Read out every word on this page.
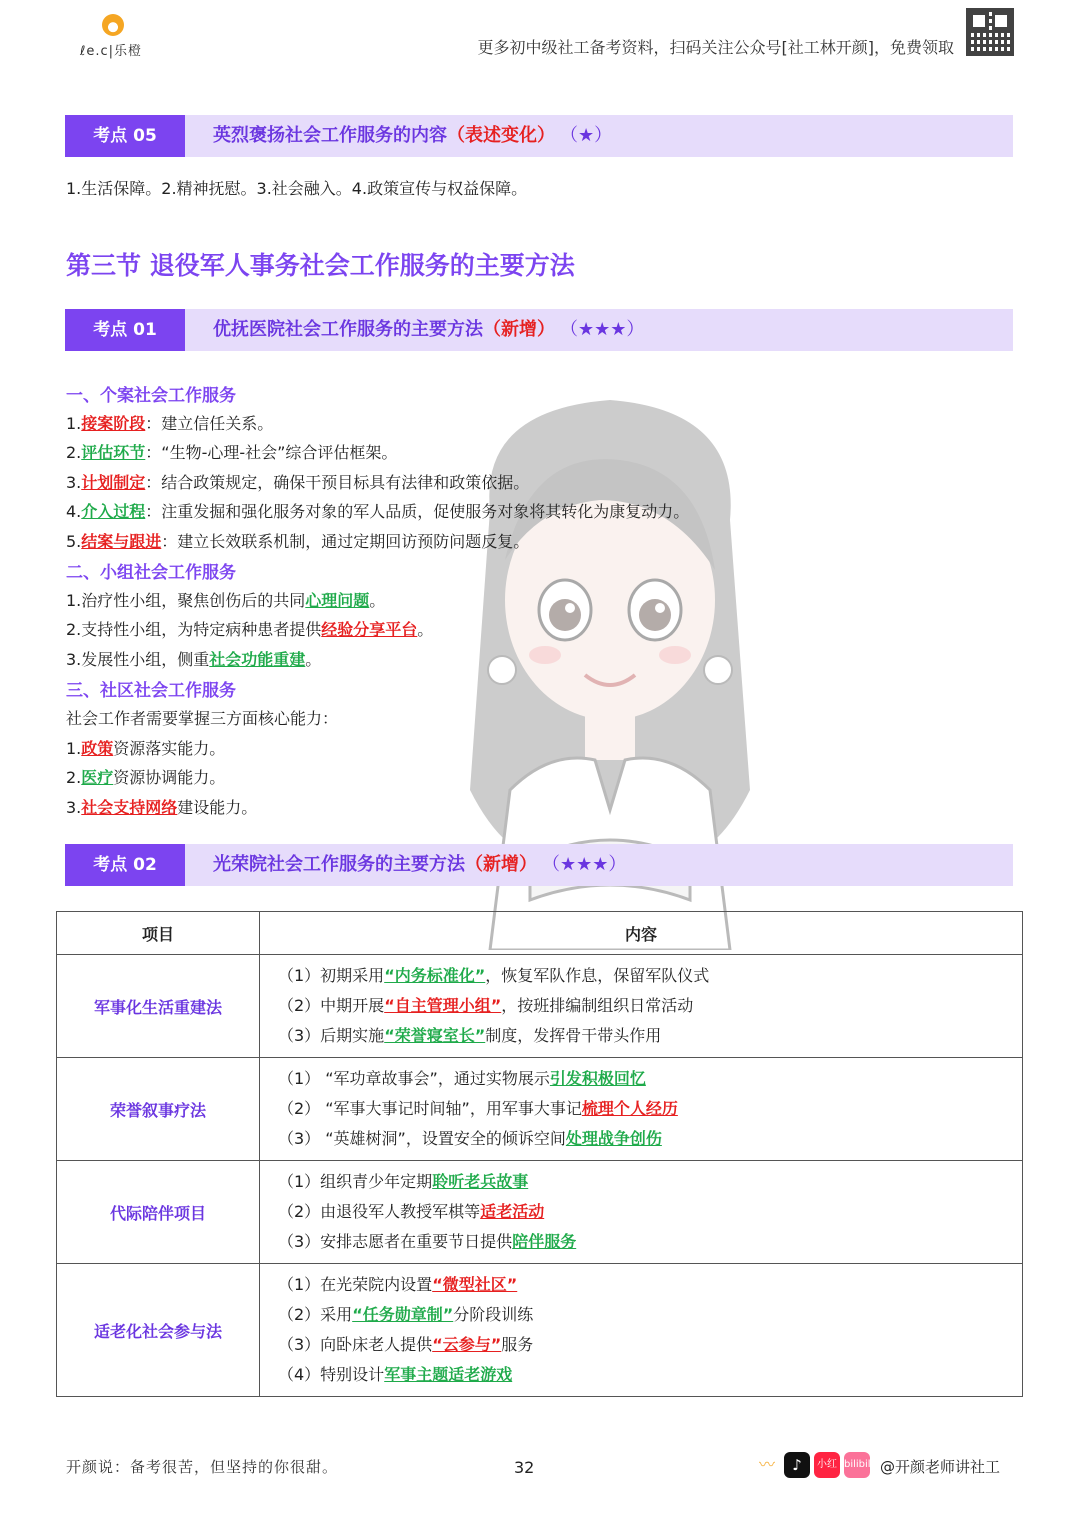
ℓe.c|乐橙	更多初中级社工备考资料，扫码关注公众号[社工林开颜]，免费领取
考点 05	英烈褒扬社会工作服务的内容（表述变化） （★）
1.生活保障。2.精神抚慰。3.社会融入。4.政策宣传与权益保障。
第三节 退役军人事务社会工作服务的主要方法
考点 01	优抚医院社会工作服务的主要方法（新增） （★★★）
一、个案社会工作服务
1.接案阶段：建立信任关系。
2.评估环节：“生物-心理-社会”综合评估框架。
3.计划制定：结合政策规定，确保干预目标具有法律和政策依据。
4.介入过程：注重发掘和强化服务对象的军人品质，促使服务对象将其转化为康复动力。
5.结案与跟进：建立长效联系机制，通过定期回访预防问题反复。
二、小组社会工作服务
1.治疗性小组，聚焦创伤后的共同心理问题。
2.支持性小组，为特定病种患者提供经验分享平台。
3.发展性小组，侧重社会功能重建。
三、社区社会工作服务
社会工作者需要掌握三方面核心能力：
1.政策资源落实能力。
2.医疗资源协调能力。
3.社会支持网络建设能力。
考点 02	光荣院社会工作服务的主要方法（新增） （★★★）
项目	内容
军事化生活重建法	（1）初期采用“内务标准化”，恢复军队作息，保留军队仪式
（2）中期开展“自主管理小组”，按班排编制组织日常活动
（3）后期实施“荣誉寝室长”制度，发挥骨干带头作用

荣誉叙事疗法	（1） “军功章故事会”，通过实物展示引发积极回忆
（2） “军事大事记时间轴”，用军事大事记梳理个人经历
（3） “英雄树洞”，设置安全的倾诉空间处理战争创伤

代际陪伴项目	（1）组织青少年定期聆听老兵故事
（2）由退役军人教授军棋等适老活动
（3）安排志愿者在重要节日提供陪伴服务

适老化社会参与法	（1）在光荣院内设置“微型社区”
（2）采用“任务勋章制”分阶段训练
（3）向卧床老人提供“云参与”服务
（4）特别设计军事主题适老游戏
开颜说：备考很苦，但坚持的你很甜。	32	〰 ♪ 小红书bilibili @开颜老师讲社工
